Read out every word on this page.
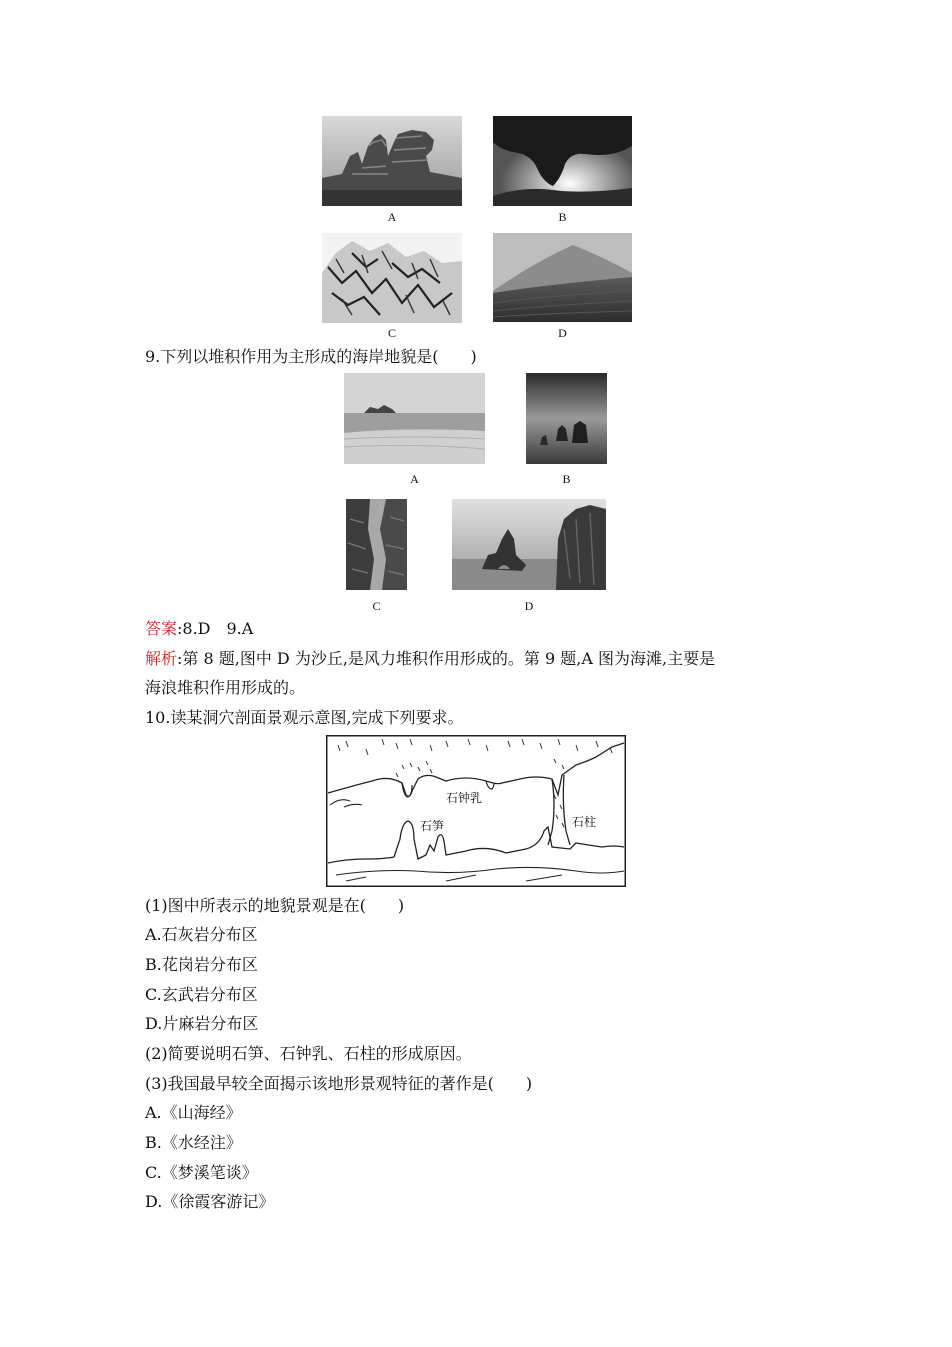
A	B
C	D
9.下列以堆积作用为主形成的海岸地貌是(　　)
A	B
C	D
答案:8.D　9.A
解析:第 8 题,图中 D 为沙丘,是风力堆积作用形成的。第 9 题,A 图为海滩,主要是
海浪堆积作用形成的。
10.读某洞穴剖面景观示意图,完成下列要求。
石钟乳
石笋	石柱
(1)图中所表示的地貌景观是在(　　)
A.石灰岩分布区
B.花岗岩分布区
C.玄武岩分布区
D.片麻岩分布区
(2)简要说明石笋、石钟乳、石柱的形成原因。
(3)我国最早较全面揭示该地形景观特征的著作是(　　)
A.《山海经》
B.《水经注》
C.《梦溪笔谈》
D.《徐霞客游记》
